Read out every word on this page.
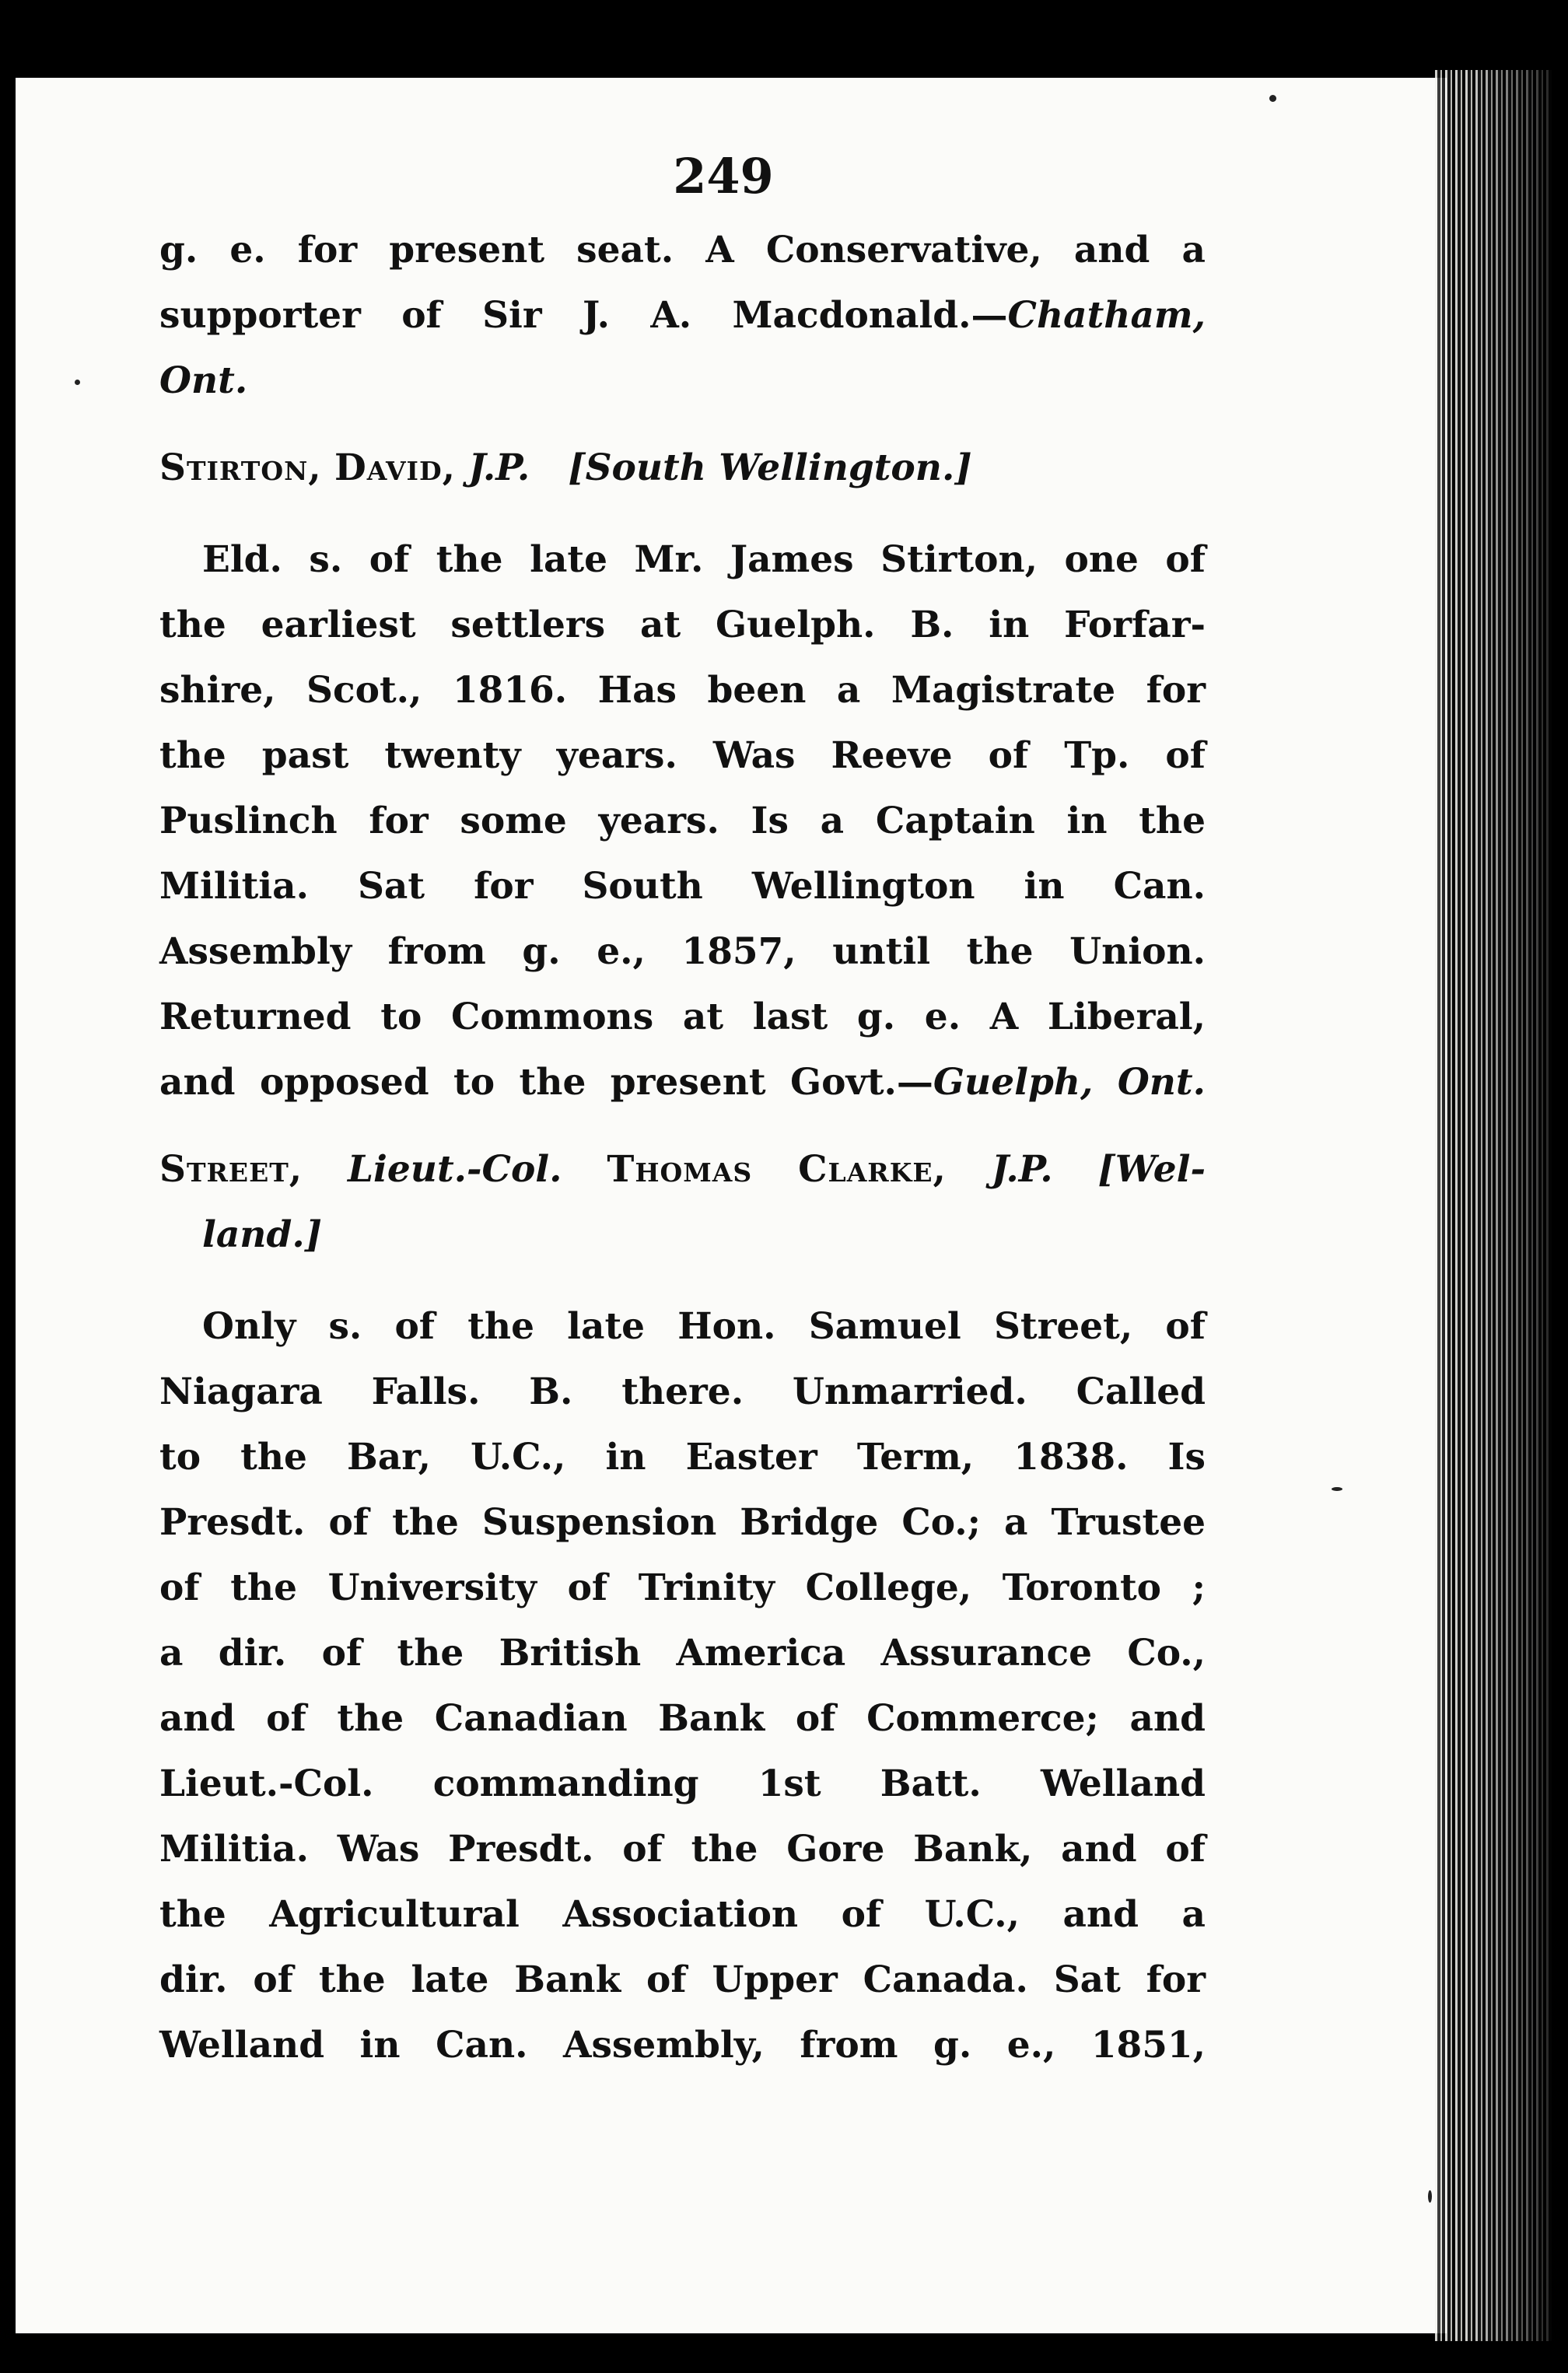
249
g. e. for present seat. A Conservative, and a
supporter of Sir J. A. Macdonald.—Chatham,
Ont.
Stirton, David, J.P. [South Wellington.]
Eld. s. of the late Mr. James Stirton, one of
the earliest settlers at Guelph. B. in Forfar-
shire, Scot., 1816. Has been a Magistrate for
the past twenty years. Was Reeve of Tp. of
Puslinch for some years. Is a Captain in the
Militia. Sat for South Wellington in Can.
Assembly from g. e., 1857, until the Union.
Returned to Commons at last g. e. A Liberal,
and opposed to the present Govt.—Guelph, Ont.
Street, Lieut.-Col. Thomas Clarke, J.P. [Wel-
land.]
Only s. of the late Hon. Samuel Street, of
Niagara Falls. B. there. Unmarried. Called
to the Bar, U.C., in Easter Term, 1838. Is
Presdt. of the Suspension Bridge Co.; a Trustee
of the University of Trinity College, Toronto ;
a dir. of the British America Assurance Co.,
and of the Canadian Bank of Commerce; and
Lieut.-Col. commanding 1st Batt. Welland
Militia. Was Presdt. of the Gore Bank, and of
the Agricultural Association of U.C., and a
dir. of the late Bank of Upper Canada. Sat for
Welland in Can. Assembly, from g. e., 1851,
